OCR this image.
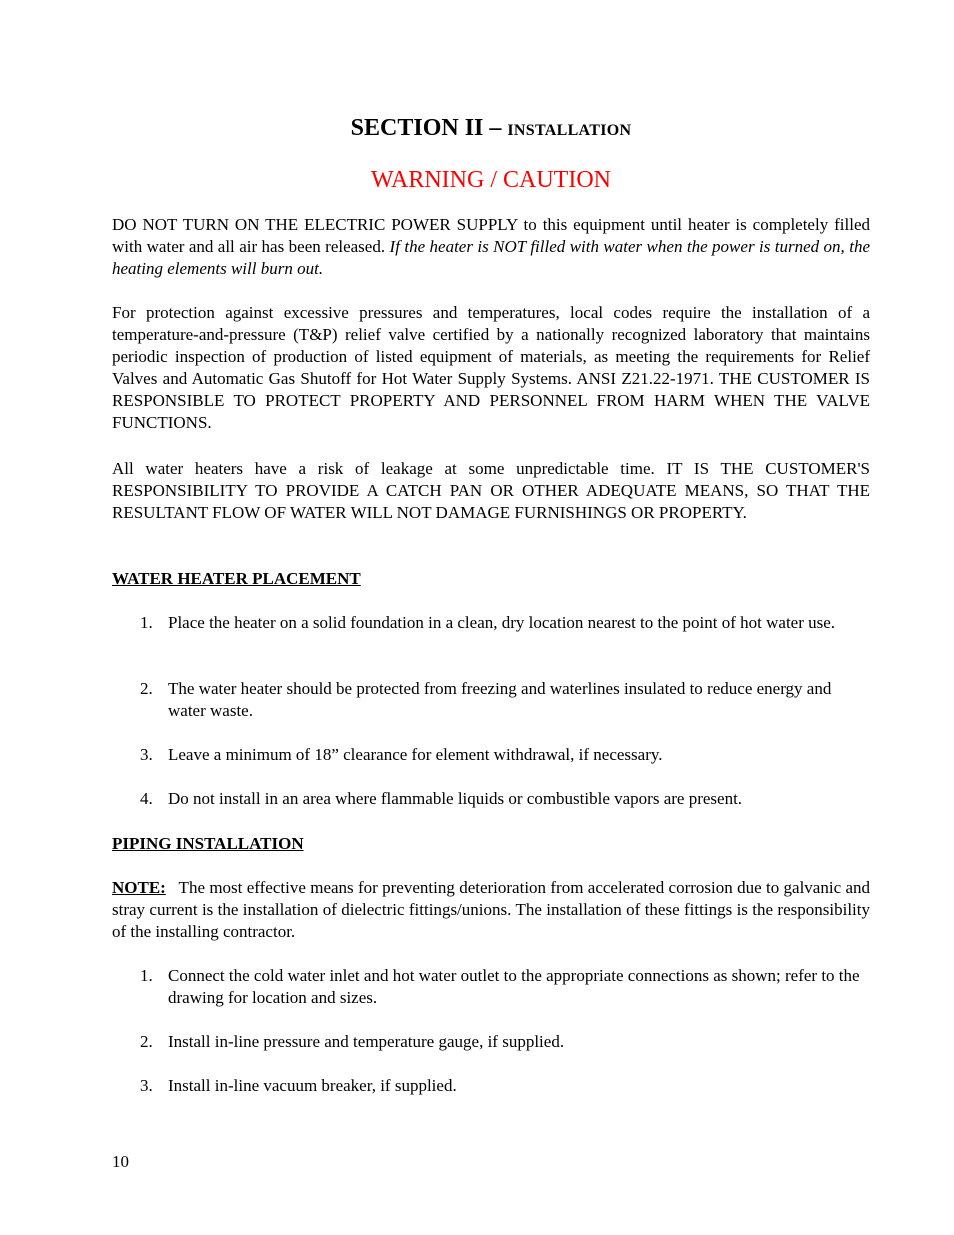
SECTION II – INSTALLATION
WARNING / CAUTION

DO NOT TURN ON THE ELECTRIC POWER SUPPLY to this equipment until heater is completely filled with water and all air has been released. If the heater is NOT filled with water when the power is turned on, the heating elements will burn out.

For protection against excessive pressures and temperatures, local codes require the installation of a temperature-and-pressure (T&P) relief valve certified by a nationally recognized laboratory that maintains periodic inspection of production of listed equipment of materials, as meeting the requirements for Relief Valves and Automatic Gas Shutoff for Hot Water Supply Systems. ANSI Z21.22-1971. THE CUSTOMER IS RESPONSIBLE TO PROTECT PROPERTY AND PERSONNEL FROM HARM WHEN THE VALVE FUNCTIONS.

All water heaters have a risk of leakage at some unpredictable time. IT IS THE CUSTOMER'S RESPONSIBILITY TO PROVIDE A CATCH PAN OR OTHER ADEQUATE MEANS, SO THAT THE RESULTANT FLOW OF WATER WILL NOT DAMAGE FURNISHINGS OR PROPERTY.

WATER HEATER PLACEMENT

1. Place the heater on a solid foundation in a clean, dry location nearest to the point of hot water use.
2. The water heater should be protected from freezing and waterlines insulated to reduce energy and water waste.
3. Leave a minimum of 18” clearance for element withdrawal, if necessary.
4. Do not install in an area where flammable liquids or combustible vapors are present.

PIPING INSTALLATION

NOTE:   The most effective means for preventing deterioration from accelerated corrosion due to galvanic and stray current is the installation of dielectric fittings/unions. The installation of these fittings is the responsibility of the installing contractor.

1. Connect the cold water inlet and hot water outlet to the appropriate connections as shown; refer to the drawing for location and sizes.
2. Install in-line pressure and temperature gauge, if supplied.
3. Install in-line vacuum breaker, if supplied.
10
